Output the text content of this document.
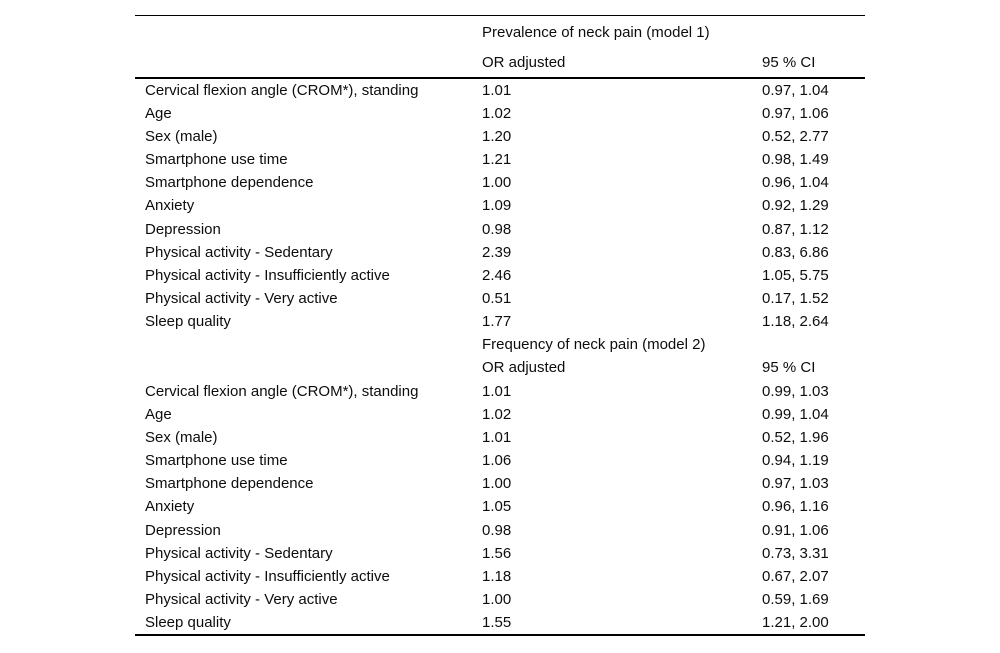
Prevalence of neck pain (model 1)
OR adjusted	95 % CI
Cervical flexion angle (CROM*), standing	1.01	0.97, 1.04
Age	1.02	0.97, 1.06
Sex (male)	1.20	0.52, 2.77
Smartphone use time	1.21	0.98, 1.49
Smartphone dependence	1.00	0.96, 1.04
Anxiety	1.09	0.92, 1.29
Depression	0.98	0.87, 1.12
Physical activity - Sedentary	2.39	0.83, 6.86
Physical activity - Insufficiently active	2.46	1.05, 5.75
Physical activity - Very active	0.51	0.17, 1.52
Sleep quality	1.77	1.18, 2.64
Frequency of neck pain (model 2)
OR adjusted	95 % CI
Cervical flexion angle (CROM*), standing	1.01	0.99, 1.03
Age	1.02	0.99, 1.04
Sex (male)	1.01	0.52, 1.96
Smartphone use time	1.06	0.94, 1.19
Smartphone dependence	1.00	0.97, 1.03
Anxiety	1.05	0.96, 1.16
Depression	0.98	0.91, 1.06
Physical activity - Sedentary	1.56	0.73, 3.31
Physical activity - Insufficiently active	1.18	0.67, 2.07
Physical activity - Very active	1.00	0.59, 1.69
Sleep quality	1.55	1.21, 2.00
